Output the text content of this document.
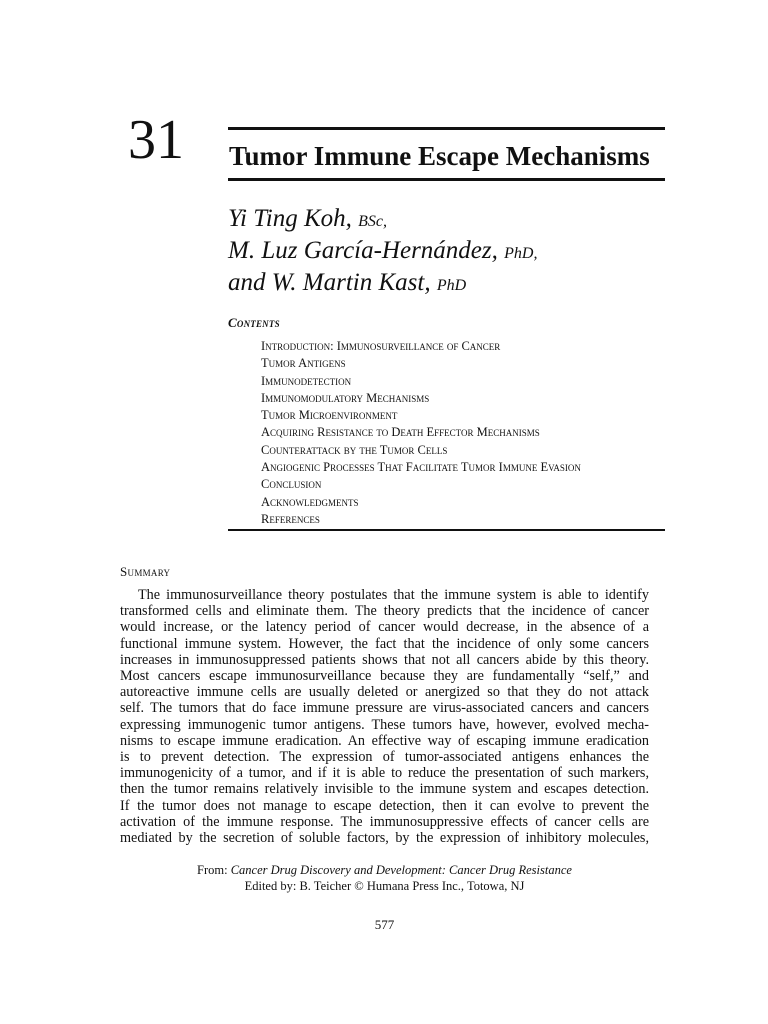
31 Tumor Immune Escape Mechanisms
Yi Ting Koh, BSc,
M. Luz García-Hernández, PhD,
and W. Martin Kast, PhD
Contents
Introduction: Immunosurveillance of Cancer
Tumor Antigens
Immunodetection
Immunomodulatory Mechanisms
Tumor Microenvironment
Acquiring Resistance to Death Effector Mechanisms
Counterattack by the Tumor Cells
Angiogenic Processes That Facilitate Tumor Immune Evasion
Conclusion
Acknowledgments
References
Summary
The immunosurveillance theory postulates that the immune system is able to identify
transformed cells and eliminate them. The theory predicts that the incidence of cancer
would increase, or the latency period of cancer would decrease, in the absence of a
functional immune system. However, the fact that the incidence of only some cancers
increases in immunosuppressed patients shows that not all cancers abide by this theory.
Most cancers escape immunosurveillance because they are fundamentally “self,” and
autoreactive immune cells are usually deleted or anergized so that they do not attack
self. The tumors that do face immune pressure are virus-associated cancers and cancers
expressing immunogenic tumor antigens. These tumors have, however, evolved mecha-
nisms to escape immune eradication. An effective way of escaping immune eradication
is to prevent detection. The expression of tumor-associated antigens enhances the
immunogenicity of a tumor, and if it is able to reduce the presentation of such markers,
then the tumor remains relatively invisible to the immune system and escapes detection.
If the tumor does not manage to escape detection, then it can evolve to prevent the
activation of the immune response. The immunosuppressive effects of cancer cells are
mediated by the secretion of soluble factors, by the expression of inhibitory molecules,
From: Cancer Drug Discovery and Development: Cancer Drug Resistance
Edited by: B. Teicher © Humana Press Inc., Totowa, NJ
577
